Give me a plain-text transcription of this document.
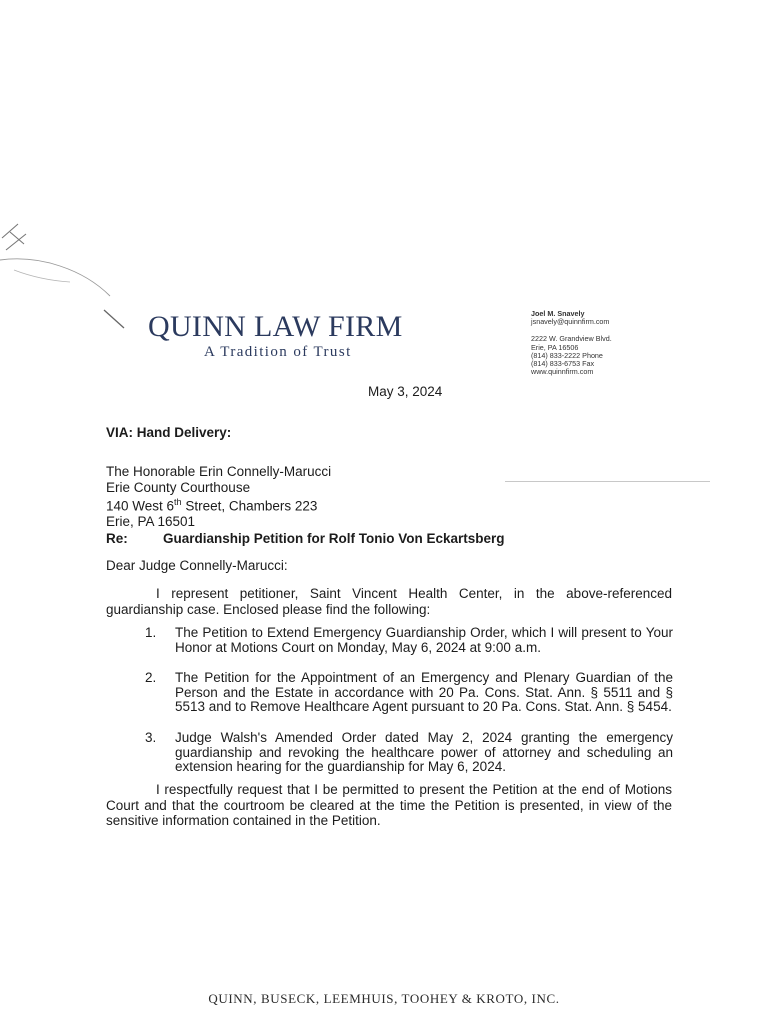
QUINN LAW FIRM
A Tradition of Trust
Joel M. Snavely
jsnavely@quinnfirm.com
2222 W. Grandview Blvd.
Erie, PA 16506
(814) 833-2222 Phone
(814) 833-6753 Fax
www.quinnfirm.com
May 3, 2024
VIA: Hand Delivery:
The Honorable Erin Connelly-Marucci
Erie County Courthouse
140 West 6th Street, Chambers 223
Erie, PA 16501
Re:	Guardianship Petition for Rolf Tonio Von Eckartsberg
Dear Judge Connelly-Marucci:
I represent petitioner, Saint Vincent Health Center, in the above-referenced guardianship case. Enclosed please find the following:
1.	The Petition to Extend Emergency Guardianship Order, which I will present to Your Honor at Motions Court on Monday, May 6, 2024 at 9:00 a.m.
2.	The Petition for the Appointment of an Emergency and Plenary Guardian of the Person and the Estate in accordance with 20 Pa. Cons. Stat. Ann. § 5511 and § 5513 and to Remove Healthcare Agent pursuant to 20 Pa. Cons. Stat. Ann. § 5454.
3.	Judge Walsh's Amended Order dated May 2, 2024 granting the emergency guardianship and revoking the healthcare power of attorney and scheduling an extension hearing for the guardianship for May 6, 2024.
I respectfully request that I be permitted to present the Petition at the end of Motions Court and that the courtroom be cleared at the time the Petition is presented, in view of the sensitive information contained in the Petition.
QUINN, BUSECK, LEEMHUIS, TOOHEY & KROTO, INC.
